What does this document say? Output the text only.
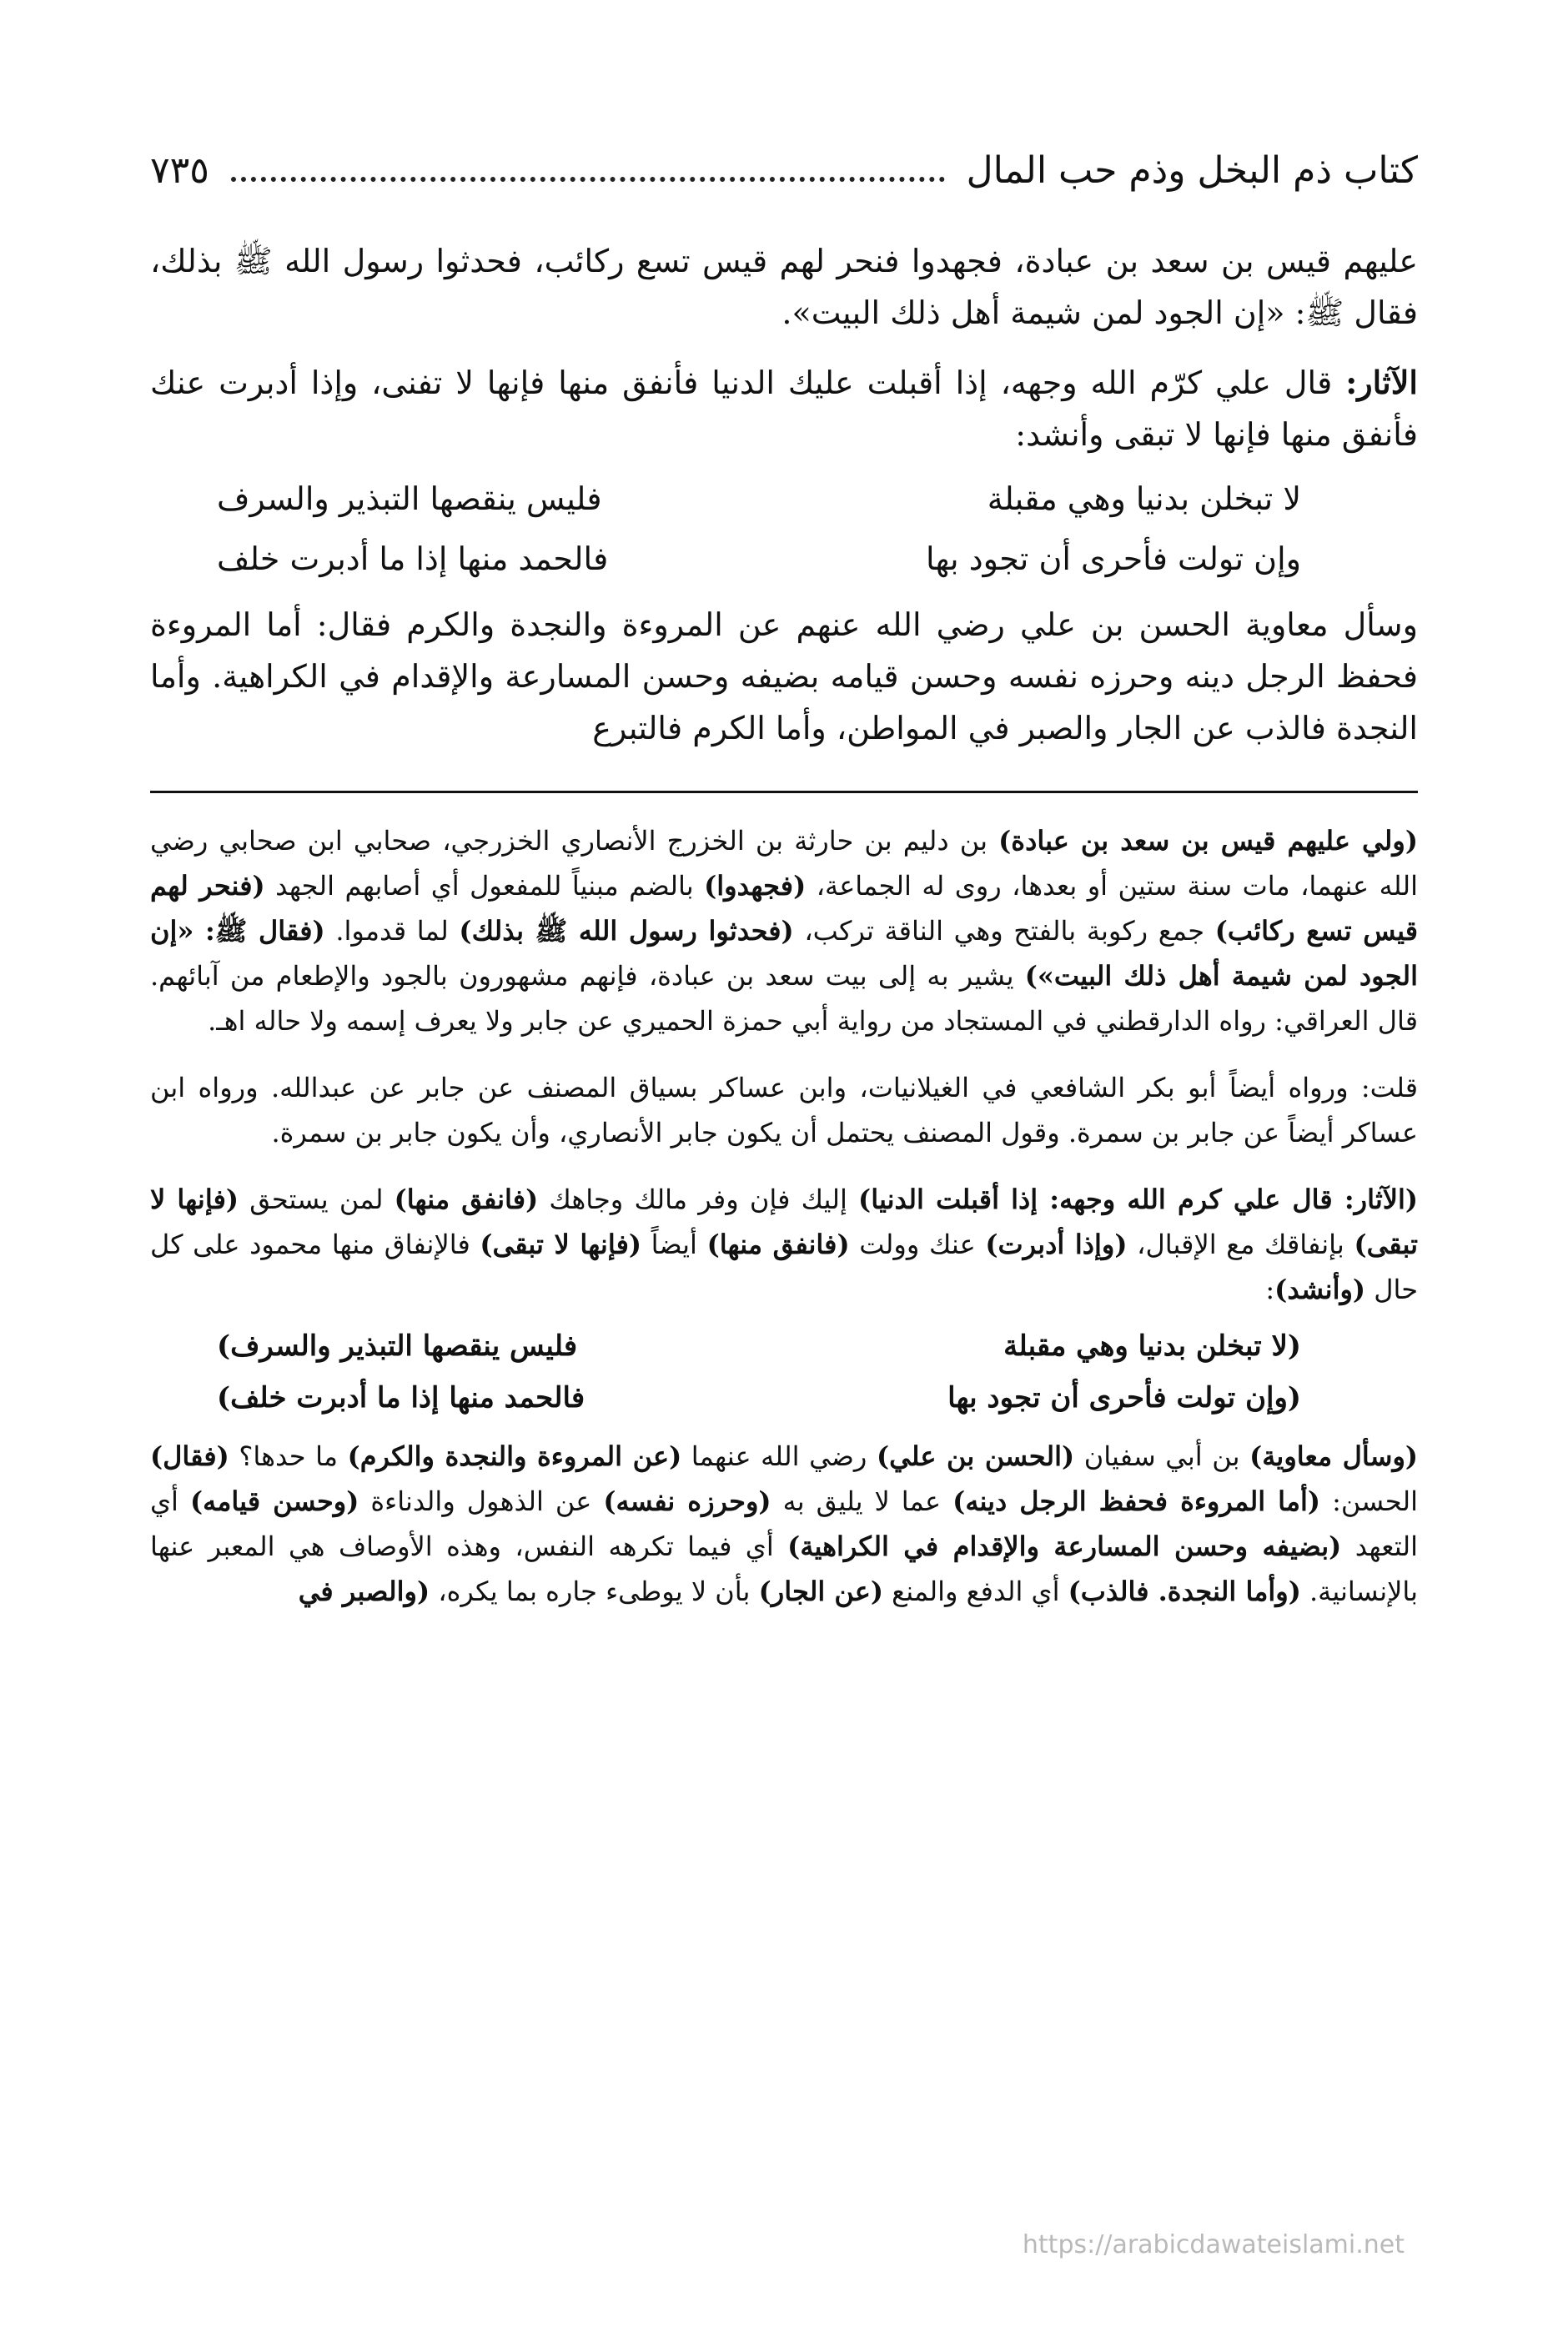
كتاب ذم البخل وذم حب المال
٧٣٥

عليهم قيس بن سعد بن عبادة، فجهدوا فنحر لهم قيس تسع ركائب، فحدثوا رسول الله ﷺ بذلك، فقال ﷺ: «إن الجود لمن شيمة أهل ذلك البيت».

الآثار: قال علي كرّم الله وجهه، إذا أقبلت عليك الدنيا فأنفق منها فإنها لا تفنى، وإذا أدبرت عنك فأنفق منها فإنها لا تبقى وأنشد:

لا تبخلن بدنيا وهي مقبلة
فليس ينقصها التبذير والسرف
وإن تولت فأحرى أن تجود بها
فالحمد منها إذا ما أدبرت خلف

وسأل معاوية الحسن بن علي رضي الله عنهم عن المروءة والنجدة والكرم فقال: أما المروءة فحفظ الرجل دينه وحرزه نفسه وحسن قيامه بضيفه وحسن المسارعة والإقدام في الكراهية. وأما النجدة فالذب عن الجار والصبر في المواطن، وأما الكرم فالتبرع

(ولي عليهم قيس بن سعد بن عبادة) بن دليم بن حارثة بن الخزرج الأنصاري الخزرجي، صحابي ابن صحابي رضي الله عنهما، مات سنة ستين أو بعدها، روى له الجماعة، (فجهدوا) بالضم مبنياً للمفعول أي أصابهم الجهد (فنحر لهم قيس تسع ركائب) جمع ركوبة بالفتح وهي الناقة تركب، (فحدثوا رسول الله ﷺ بذلك) لما قدموا. (فقال ﷺ: «إن الجود لمن شيمة أهل ذلك البيت») يشير به إلى بيت سعد بن عبادة، فإنهم مشهورون بالجود والإطعام من آبائهم. قال العراقي: رواه الدارقطني في المستجاد من رواية أبي حمزة الحميري عن جابر ولا يعرف إسمه ولا حاله اهـ.

قلت: ورواه أيضاً أبو بكر الشافعي في الغيلانيات، وابن عساكر بسياق المصنف عن جابر عن عبدالله. ورواه ابن عساكر أيضاً عن جابر بن سمرة. وقول المصنف يحتمل أن يكون جابر الأنصاري، وأن يكون جابر بن سمرة.

(الآثار: قال علي كرم الله وجهه: إذا أقبلت الدنيا) إليك فإن وفر مالك وجاهك (فانفق منها) لمن يستحق (فإنها لا تبقى) بإنفاقك مع الإقبال، (وإذا أدبرت) عنك وولت (فانفق منها) أيضاً (فإنها لا تبقى) فالإنفاق منها محمود على كل حال (وأنشد):

(لا تبخلن بدنيا وهي مقبلة
فليس ينقصها التبذير والسرف)
(وإن تولت فأحرى أن تجود بها
فالحمد منها إذا ما أدبرت خلف)

(وسأل معاوية) بن أبي سفيان (الحسن بن علي) رضي الله عنهما (عن المروءة والنجدة والكرم) ما حدها؟ (فقال) الحسن: (أما المروءة فحفظ الرجل دينه) عما لا يليق به (وحرزه نفسه) عن الذهول والدناءة (وحسن قيامه) أي التعهد (بضيفه وحسن المسارعة والإقدام في الكراهية) أي فيما تكرهه النفس، وهذه الأوصاف هي المعبر عنها بالإنسانية. (وأما النجدة. فالذب) أي الدفع والمنع (عن الجار) بأن لا يوطىء جاره بما يكره، (والصبر في

https://arabicdawateislami.net
